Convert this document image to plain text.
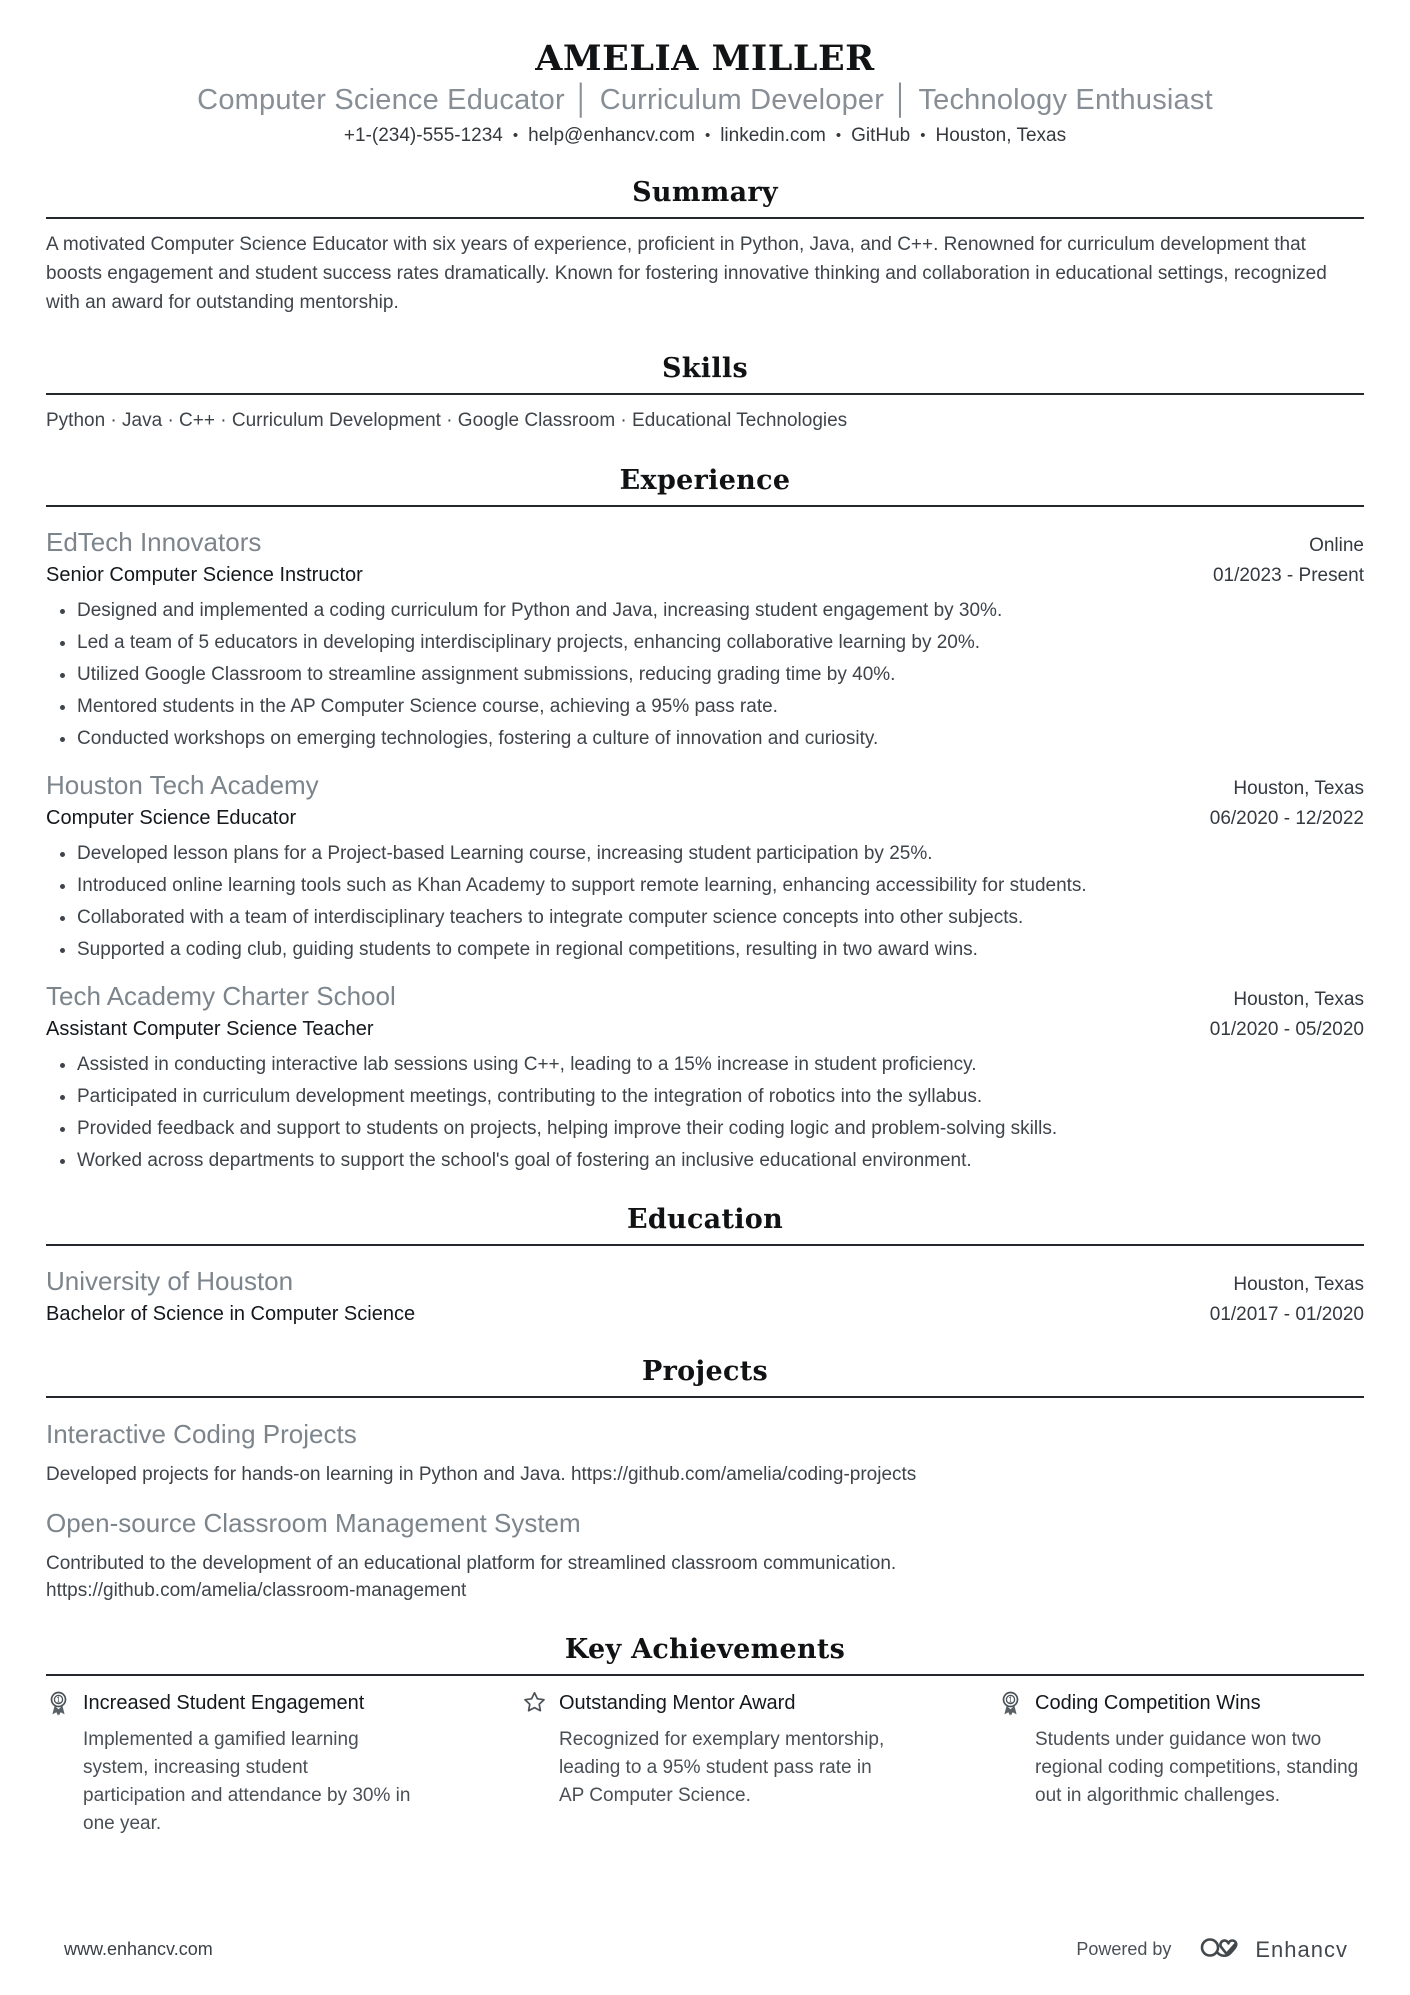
AMELIA MILLER
Computer Science Educator │ Curriculum Developer │ Technology Enthusiast
+1-(234)-555-1234 • help@enhancv.com • linkedin.com • GitHub • Houston, Texas
Summary

A motivated Computer Science Educator with six years of experience, proficient in Python, Java, and C++. Renowned for curriculum development that boosts engagement and student success rates dramatically. Known for fostering innovative thinking and collaboration in educational settings, recognized with an award for outstanding mentorship.

Skills

Python · Java · C++ · Curriculum Development · Google Classroom · Educational Technologies

Experience
EdTech Innovators	Online
Senior Computer Science Instructor	01/2023 - Present
• Designed and implemented a coding curriculum for Python and Java, increasing student engagement by 30%.
• Led a team of 5 educators in developing interdisciplinary projects, enhancing collaborative learning by 20%.
• Utilized Google Classroom to streamline assignment submissions, reducing grading time by 40%.
• Mentored students in the AP Computer Science course, achieving a 95% pass rate.
• Conducted workshops on emerging technologies, fostering a culture of innovation and curiosity.
Houston Tech Academy	Houston, Texas
Computer Science Educator	06/2020 - 12/2022
• Developed lesson plans for a Project-based Learning course, increasing student participation by 25%.
• Introduced online learning tools such as Khan Academy to support remote learning, enhancing accessibility for students.
• Collaborated with a team of interdisciplinary teachers to integrate computer science concepts into other subjects.
• Supported a coding club, guiding students to compete in regional competitions, resulting in two award wins.
Tech Academy Charter School	Houston, Texas
Assistant Computer Science Teacher	01/2020 - 05/2020
• Assisted in conducting interactive lab sessions using C++, leading to a 15% increase in student proficiency.
• Participated in curriculum development meetings, contributing to the integration of robotics into the syllabus.
• Provided feedback and support to students on projects, helping improve their coding logic and problem-solving skills.
• Worked across departments to support the school's goal of fostering an inclusive educational environment.
Education
University of Houston	Houston, Texas
Bachelor of Science in Computer Science	01/2017 - 01/2020
Projects
Interactive Coding Projects
Developed projects for hands-on learning in Python and Java. https://github.com/amelia/coding-projects
Open-source Classroom Management System
Contributed to the development of an educational platform for streamlined classroom communication.
https://github.com/amelia/classroom-management
Key Achievements
1 Increased Student Engagement
Implemented a gamified learning system, increasing student participation and attendance by 30% in one year.
Outstanding Mentor Award
Recognized for exemplary mentorship, leading to a 95% student pass rate in AP Computer Science.
1 Coding Competition Wins
Students under guidance won two regional coding competitions, standing out in algorithmic challenges.
www.enhancv.com	Powered by	Enhancv
